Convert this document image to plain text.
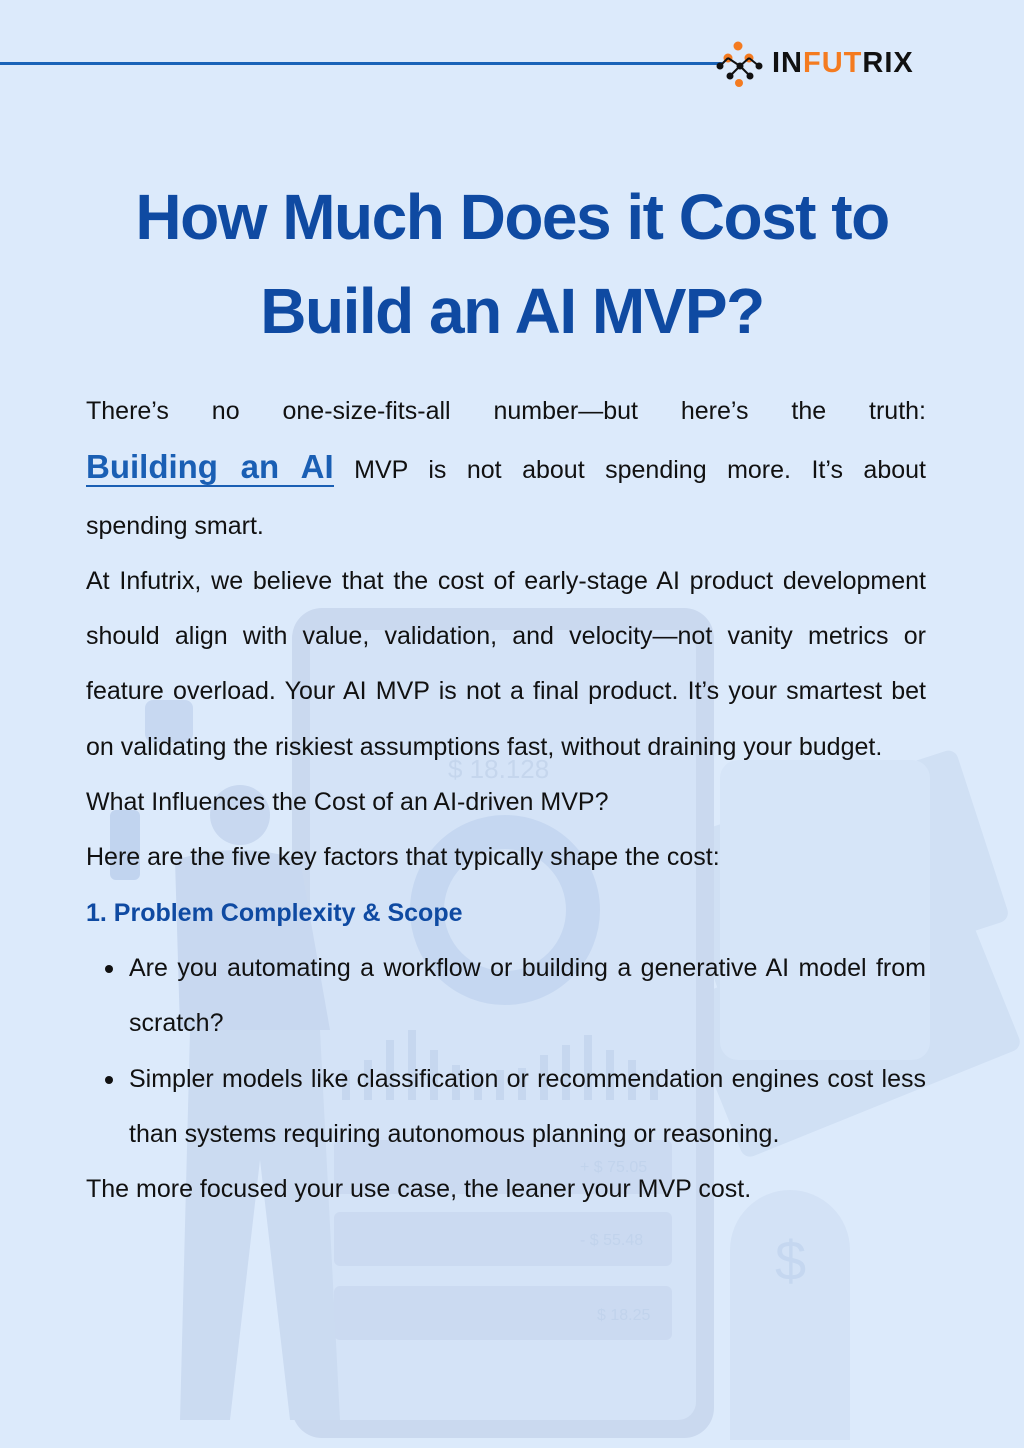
$
$ 18.128
+ $ 75.05
- $ 55.48
$ 18.25
INFUTRIX
How Much Does it Cost to
Build an AI MVP?

There’s no one-size-fits-all number—but here’s the truth:
Building an AI MVP is not about spending more. It’s about
spending smart.

At Infutrix, we believe that the cost of early-stage AI product development should align with value, validation, and velocity—not vanity metrics or feature overload. Your AI MVP is not a final product. It’s your smartest bet on validating the riskiest assumptions fast, without draining your budget.

What Influences the Cost of an AI-driven MVP?

Here are the five key factors that typically shape the cost:

1. Problem Complexity & Scope

Are you automating a workflow or building a generative AI model from scratch?
Simpler models like classification or recommendation engines cost less than systems requiring autonomous planning or reasoning.

The more focused your use case, the leaner your MVP cost.
